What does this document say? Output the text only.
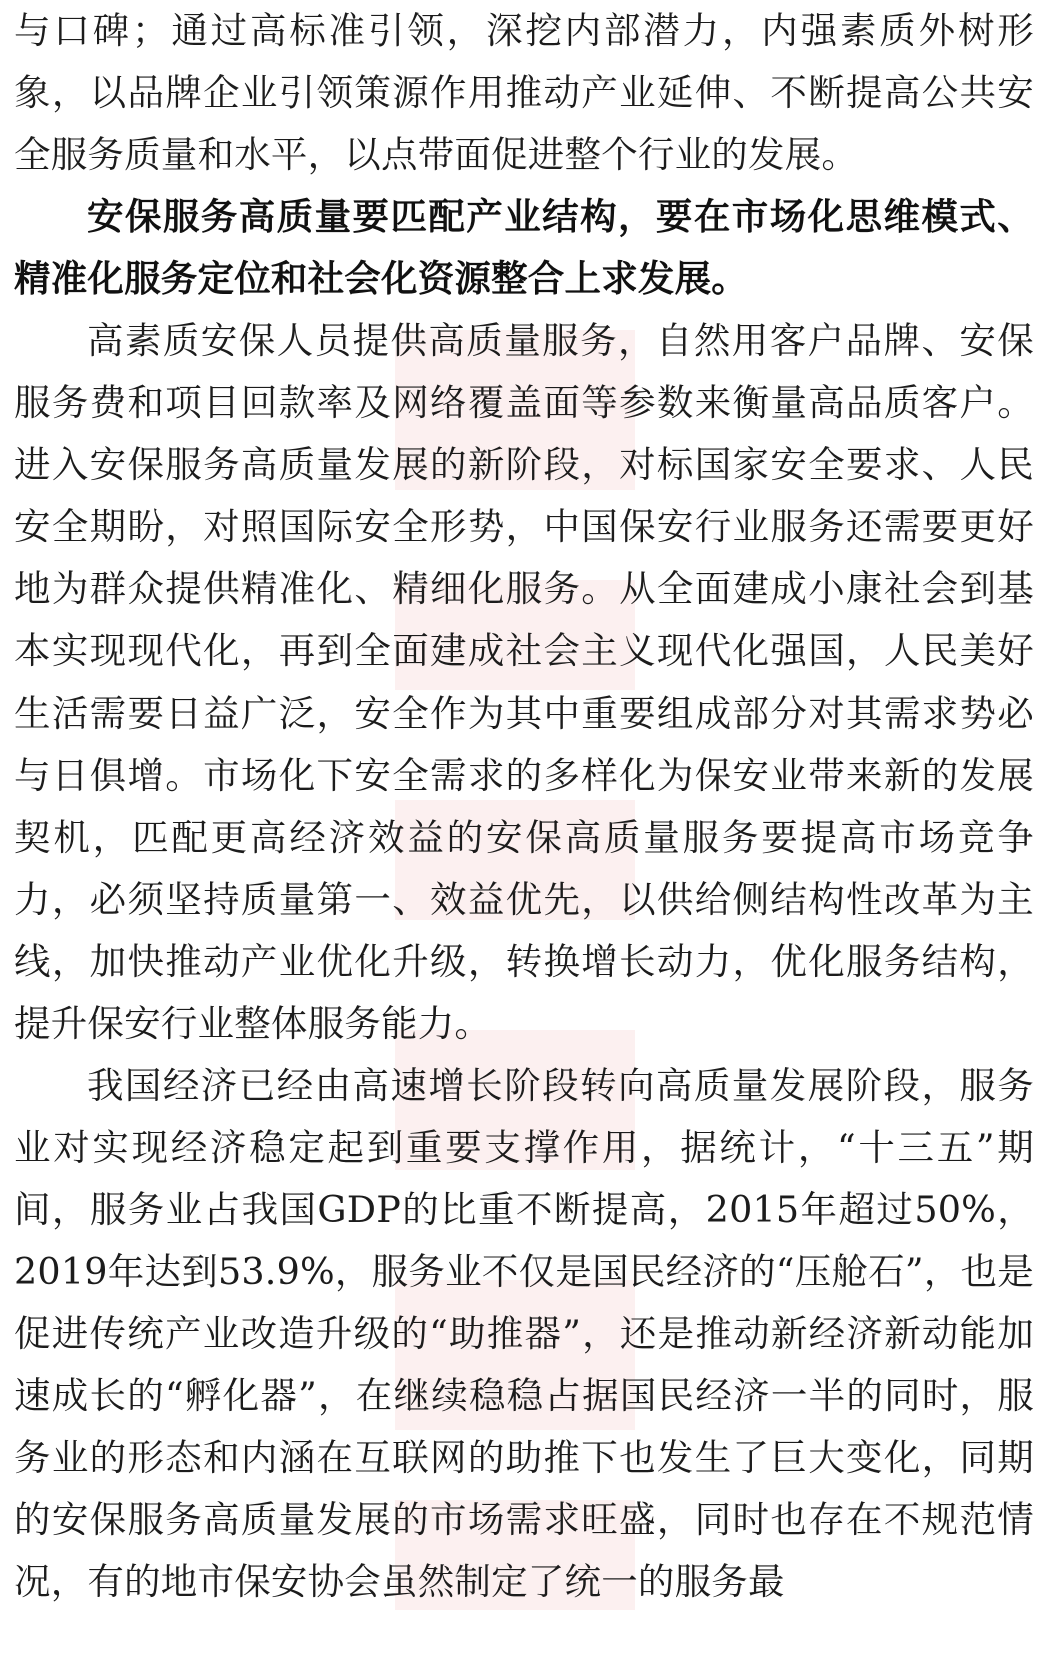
与口碑；通过高标准引领，深挖内部潜力，内强素质外树形象，以品牌企业引领策源作用推动产业延伸、不断提高公共安全服务质量和水平，以点带面促进整个行业的发展。

安保服务高质量要匹配产业结构，要在市场化思维模式、精准化服务定位和社会化资源整合上求发展。

高素质安保人员提供高质量服务，自然用客户品牌、安保服务费和项目回款率及网络覆盖面等参数来衡量高品质客户。进入安保服务高质量发展的新阶段，对标国家安全要求、人民安全期盼，对照国际安全形势，中国保安行业服务还需要更好地为群众提供精准化、精细化服务。从全面建成小康社会到基本实现现代化，再到全面建成社会主义现代化强国，人民美好生活需要日益广泛，安全作为其中重要组成部分对其需求势必与日俱增。市场化下安全需求的多样化为保安业带来新的发展契机，匹配更高经济效益的安保高质量服务要提高市场竞争力，必须坚持质量第一、效益优先，以供给侧结构性改革为主线，加快推动产业优化升级，转换增长动力，优化服务结构，提升保安行业整体服务能力。

我国经济已经由高速增长阶段转向高质量发展阶段，服务业对实现经济稳定起到重要支撑作用，据统计，“十三五”期间，服务业占我国GDP的比重不断提高，2015年超过50%，2019年达到53.9%，服务业不仅是国民经济的“压舱石”，也是促进传统产业改造升级的“助推器”，还是推动新经济新动能加速成长的“孵化器”，在继续稳稳占据国民经济一半的同时，服务业的形态和内涵在互联网的助推下也发生了巨大变化，同期的安保服务高质量发展的市场需求旺盛，同时也存在不规范情况，有的地市保安协会虽然制定了统一的服务最
